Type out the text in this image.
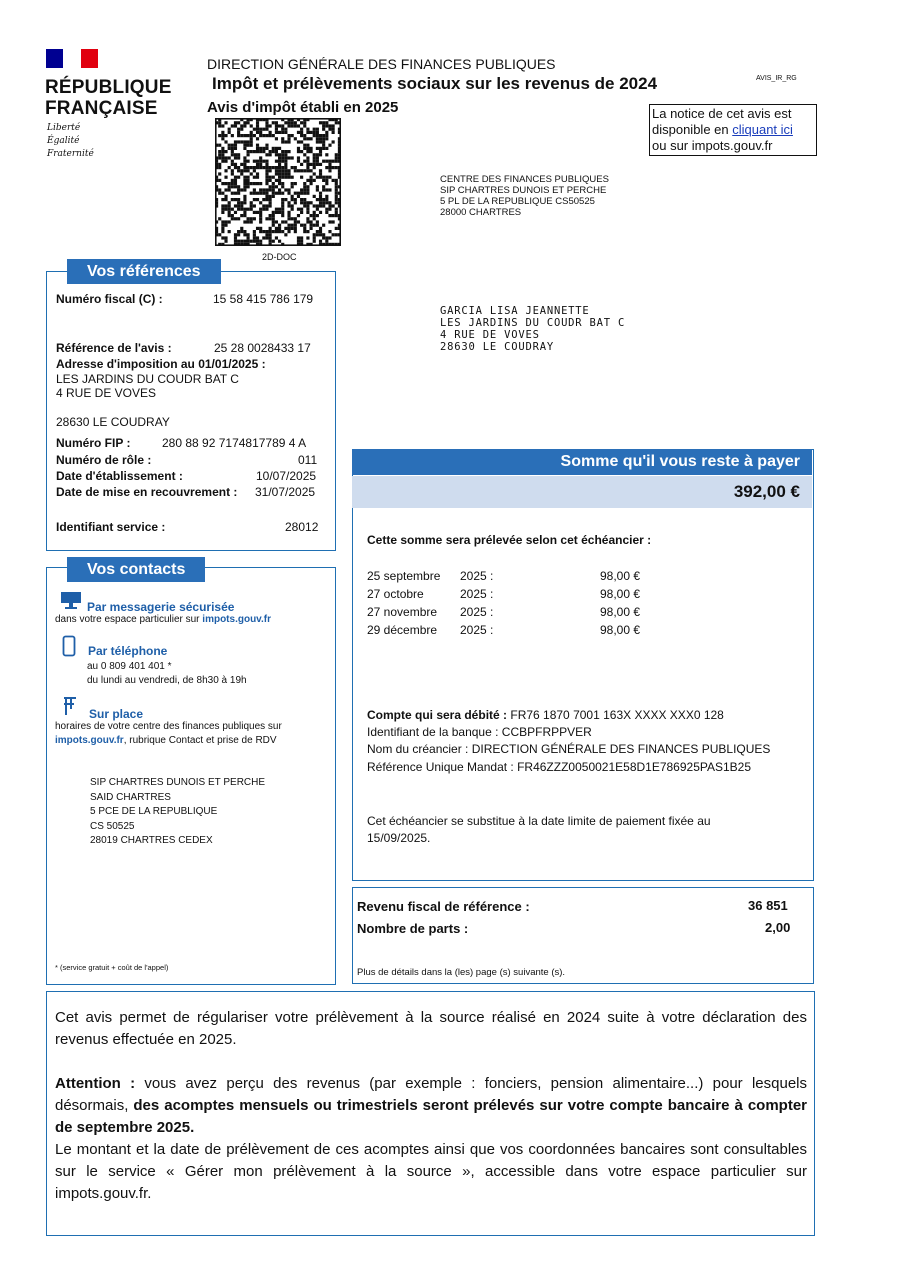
RÉPUBLIQUE
FRANÇAISE
Liberté
Égalité
Fraternité
DIRECTION GÉNÉRALE DES FINANCES PUBLIQUES
Impôt et prélèvements sociaux sur les revenus de 2024
Avis d'impôt établi en 2025
AVIS_IR_RG
La notice de cet avis est
disponible en cliquant ici
ou sur impots.gouv.fr
2D-DOC
CENTRE DES FINANCES PUBLIQUES
SIP CHARTRES DUNOIS ET PERCHE
5 PL DE LA REPUBLIQUE CS50525
28000 CHARTRES
GARCIA LISA JEANNETTE
LES JARDINS DU COUDR BAT C
4 RUE DE VOVES
28630 LE COUDRAY
Vos références
Numéro fiscal (C) :	15 58 415 786 179
Référence de l'avis :	25 28 0028433 17
Adresse d'imposition au 01/01/2025 :
LES JARDINS DU COUDR BAT C
4 RUE DE VOVES
28630 LE COUDRAY
Numéro FIP :	280 88 92 7174817789 4 A
Numéro de rôle :	011
Date d'établissement :	10/07/2025
Date de mise en recouvrement : 31/07/2025
Identifiant service :	28012
Vos contacts
Par messagerie sécurisée
dans votre espace particulier sur impots.gouv.fr
Par téléphone
au 0 809 401 401 *
du lundi au vendredi, de 8h30 à 19h
Sur place
horaires de votre centre des finances publiques sur
impots.gouv.fr, rubrique Contact et prise de RDV
SIP CHARTRES DUNOIS ET PERCHE
SAID CHARTRES
5 PCE DE LA REPUBLIQUE
CS 50525
28019 CHARTRES CEDEX
* (service gratuit + coût de l'appel)
Somme qu'il vous reste à payer
392,00 €
Cette somme sera prélevée selon cet échéancier :
25 septembre	2025 :	98,00 €
27 octobre	2025 :	98,00 €
27 novembre	2025 :	98,00 €
29 décembre	2025 :	98,00 €
Compte qui sera débité : FR76 1870 7001 163X XXXX XXX0 128
Identifiant de la banque : CCBPFRPPVER
Nom du créancier : DIRECTION GÉNÉRALE DES FINANCES PUBLIQUES
Référence Unique Mandat : FR46ZZZ0050021E58D1E786925PAS1B25
Cet échéancier se substitue à la date limite de paiement fixée au
15/09/2025.
Revenu fiscal de référence :	36 851
Nombre de parts :	2,00
Plus de détails dans la (les) page (s) suivante (s).
Cet avis permet de régulariser votre prélèvement à la source réalisé en 2024 suite à votre déclaration des revenus effectuée en 2025.
Attention : vous avez perçu des revenus (par exemple : fonciers, pension alimentaire...) pour lesquels désormais, des acomptes mensuels ou trimestriels seront prélevés sur votre compte bancaire à compter de septembre 2025.
Le montant et la date de prélèvement de ces acomptes ainsi que vos coordonnées bancaires sont consultables sur le service « Gérer mon prélèvement à la source », accessible dans votre espace particulier sur impots.gouv.fr.
